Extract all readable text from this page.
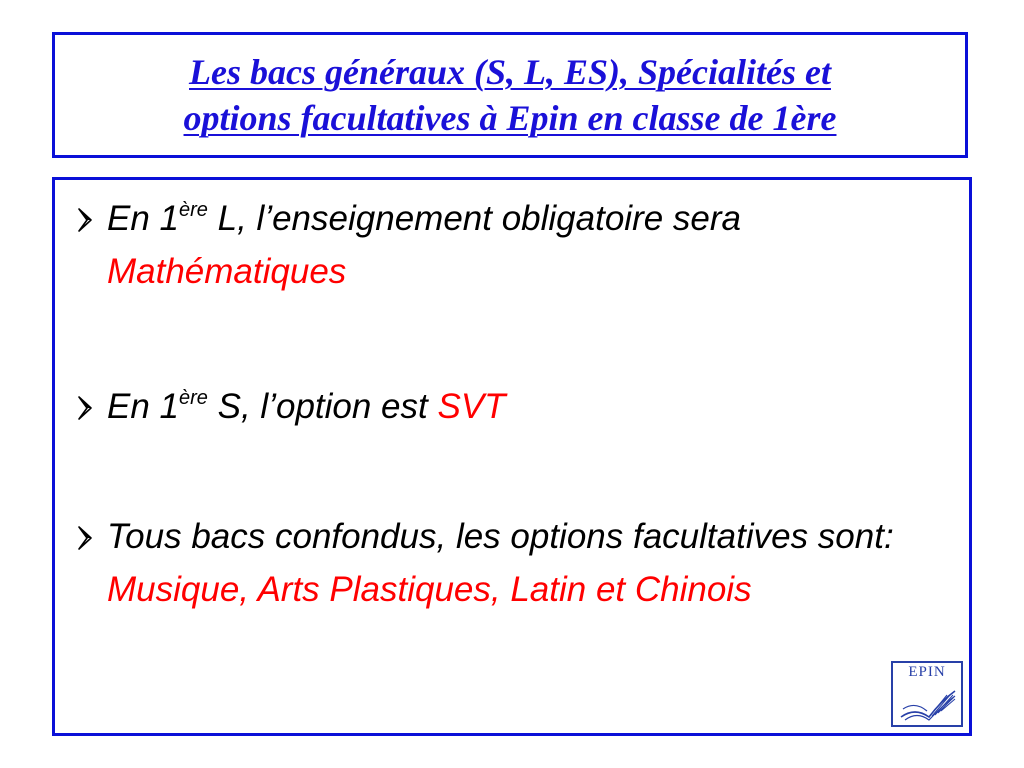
Les bacs généraux (S, L, ES), Spécialités et
options facultatives à Epin en classe de 1ère
En 1ère L, l’enseignement obligatoire sera
Mathématiques
En 1ère S, l’option est SVT
Tous bacs confondus, les options facultatives sont: Musique, Arts Plastiques, Latin et Chinois
EPIN
